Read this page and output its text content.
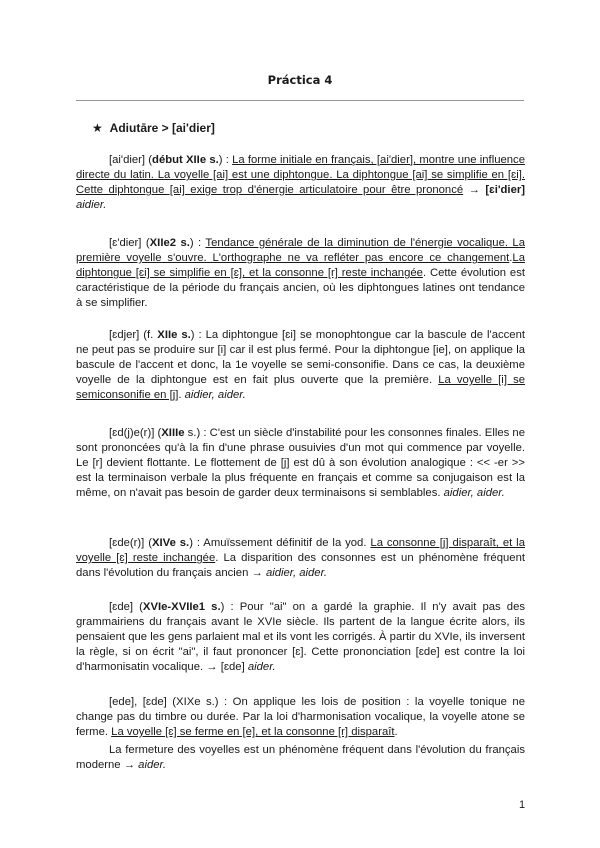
Práctica 4
★ Adiutāre > [ai'dier]

[ai'dier] (début XIIe s.) : La forme initiale en français, [ai'dier], montre une influence directe du latin. La voyelle [ai] est une diphtongue. La diphtongue [ai] se simplifie en [ɛi]. Cette diphtongue [ai] exige trop d'énergie articulatoire pour être prononcé → [ɛi'dier] aidier.

[ɛ'dier] (XIIe2 s.) : Tendance générale de la diminution de l'énergie vocalique. La première voyelle s'ouvre. L'orthographe ne va refléter pas encore ce changement.La diphtongue [ɛi] se simplifie en [ɛ], et la consonne [r] reste inchangée. Cette évolution est caractéristique de la période du français ancien, où les diphtongues latines ont tendance à se simplifier.

[ɛdjer] (f. XIIe s.) : La diphtongue [ɛi] se monophtongue car la bascule de l'accent ne peut pas se produire sur [i] car il est plus fermé. Pour la diphtongue [ie], on applique la bascule de l'accent et donc, la 1e voyelle se semi-consonifie. Dans ce cas, la deuxième voyelle de la diphtongue est en fait plus ouverte que la première. La voyelle [i] se semiconsonifie en [j]. aidier, aider.

[ɛd(j)e(r)] (XIIIe s.) : C'est un siècle d'instabilité pour les consonnes finales. Elles ne sont prononcées qu'à la fin d'une phrase ousuivies d'un mot qui commence par voyelle. Le [r] devient flottante. Le flottement de [j] est dû à son évolution analogique : << -er >> est la terminaison verbale la plus fréquente en français et comme sa conjugaison est la même, on n'avait pas besoin de garder deux terminaisons si semblables. aidier, aider.

[ɛde(r)] (XIVe s.) : Amuïssement définitif de la yod. La consonne [j] disparaît, et la voyelle [ɛ] reste inchangée. La disparition des consonnes est un phénomène fréquent dans l'évolution du français ancien → aidier, aider.

[ɛde] (XVIe-XVIIe1 s.) : Pour "ai" on a gardé la graphie. Il n'y avait pas des grammairiens du français avant le XVIe siècle. Ils partent de la langue écrite alors, ils pensaient que les gens parlaient mal et ils vont les corrigés. À partir du XVIe, ils inversent la règle, si on écrit "ai", il faut prononcer [ɛ]. Cette prononciation [ɛde] est contre la loi d'harmonisatin vocalique. → [ɛde] aider.

[ede], [ɛde] (XIXe s.) : On applique les lois de position : la voyelle tonique ne change pas du timbre ou durée. Par la loi d'harmonisation vocalique, la voyelle atone se ferme. La voyelle [ɛ] se ferme en [e], et la consonne [r] disparaît.

La fermeture des voyelles est un phénomène fréquent dans l'évolution du français moderne → aider.

1
